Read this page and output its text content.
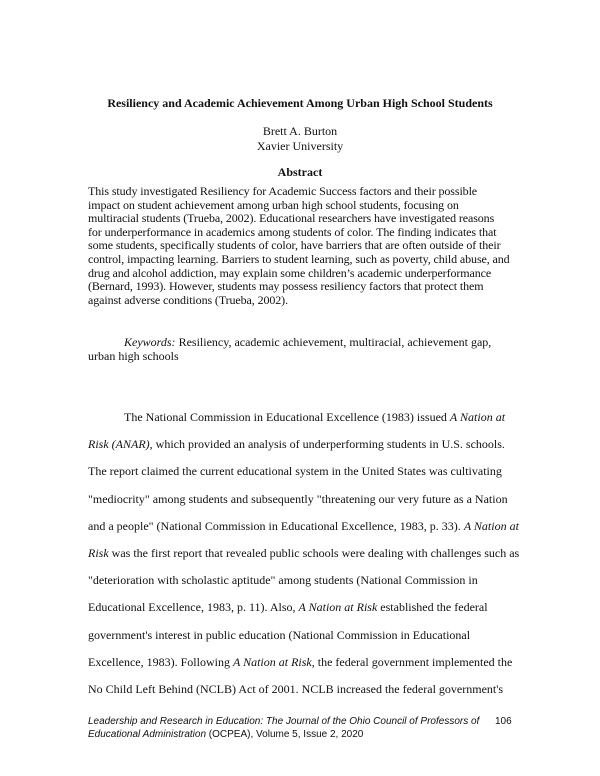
Resiliency and Academic Achievement Among Urban High School Students
Brett A. Burton
Xavier University
Abstract
This study investigated Resiliency for Academic Success factors and their possible
impact on student achievement among urban high school students, focusing on
multiracial students (Trueba, 2002). Educational researchers have investigated reasons
for underperformance in academics among students of color. The finding indicates that
some students, specifically students of color, have barriers that are often outside of their
control, impacting learning. Barriers to student learning, such as poverty, child abuse, and
drug and alcohol addiction, may explain some children’s academic underperformance
(Bernard, 1993). However, students may possess resiliency factors that protect them
against adverse conditions (Trueba, 2002).
Keywords: Resiliency, academic achievement, multiracial, achievement gap,
urban high schools
The National Commission in Educational Excellence (1983) issued A Nation at
Risk (ANAR), which provided an analysis of underperforming students in U.S. schools.
The report claimed the current educational system in the United States was cultivating
"mediocrity" among students and subsequently "threatening our very future as a Nation
and a people" (National Commission in Educational Excellence, 1983, p. 33). A Nation at
Risk was the first report that revealed public schools were dealing with challenges such as
"deterioration with scholastic aptitude" among students (National Commission in
Educational Excellence, 1983, p. 11). Also, A Nation at Risk established the federal
government's interest in public education (National Commission in Educational
Excellence, 1983). Following A Nation at Risk, the federal government implemented the
No Child Left Behind (NCLB) Act of 2001. NCLB increased the federal government's
Leadership and Research in Education: The Journal of the Ohio Council of Professors of
Educational Administration (OCPEA), Volume 5, Issue 2, 2020
106
